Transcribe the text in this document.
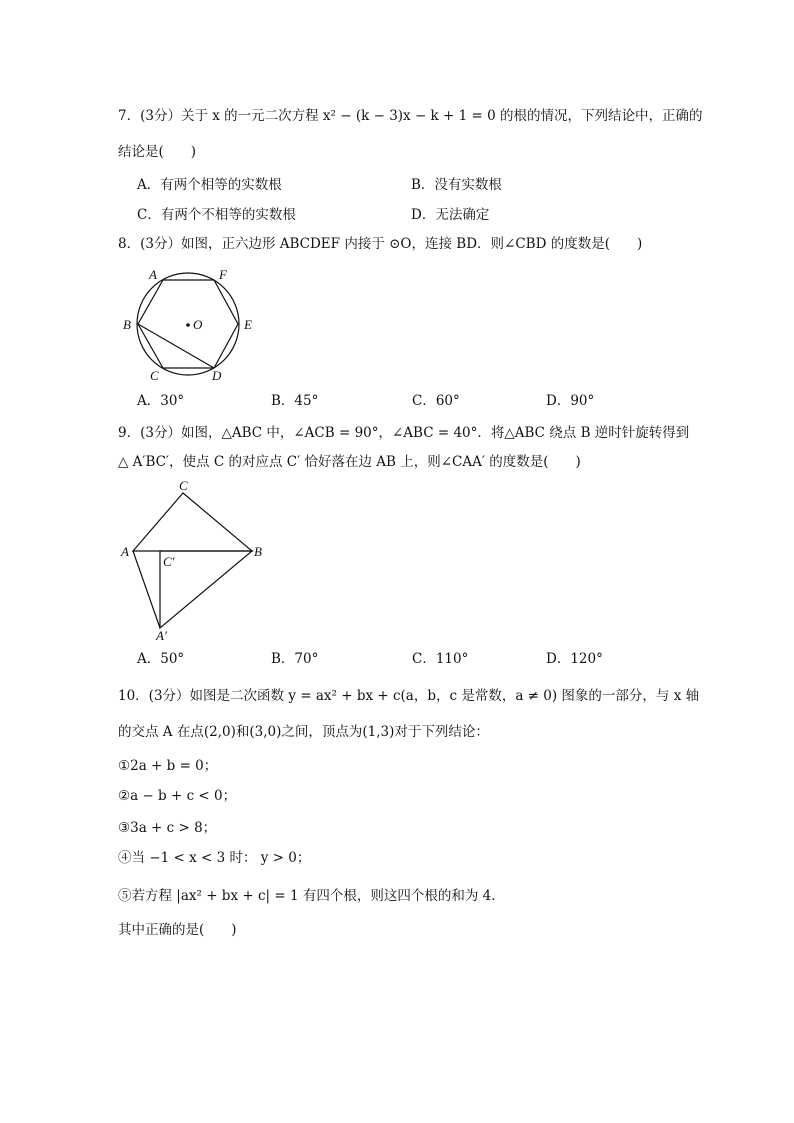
7．(3分）关于 x 的一元二次方程 x² − (k − 3)x − k + 1 = 0 的根的情况，下列结论中，正确的
结论是(　　)
A．有两个相等的实数根	B．没有实数根
C．有两个不相等的实数根	D．无法确定
8．(3分）如图，正六边形 ABCDEF 内接于 ⊙O，连接 BD．则∠CBD 的度数是(　　)
A	F
B	O	E
C	D
A．30°	B．45°	C．60°	D．90°
9．(3分）如图，△ABC 中，∠ACB = 90°，∠ABC = 40°．将△ABC 绕点 B 逆时针旋转得到
△ A′BC′，使点 C 的对应点 C′ 恰好落在边 AB 上，则∠CAA′ 的度数是(　　)
C
A	B
C′
A′
A．50°	B．70°	C．110°	D．120°
10．(3分）如图是二次函数 y = ax² + bx + c(a，b，c 是常数，a ≠ 0) 图象的一部分，与 x 轴
的交点 A 在点(2,0)和(3,0)之间，顶点为(1,3)对于下列结论：
①2a + b = 0；
②a − b + c < 0；
③3a + c > 8；
④当 −1 < x < 3 时： y > 0；
⑤若方程 |ax² + bx + c| = 1 有四个根，则这四个根的和为 4．
其中正确的是(　　)
